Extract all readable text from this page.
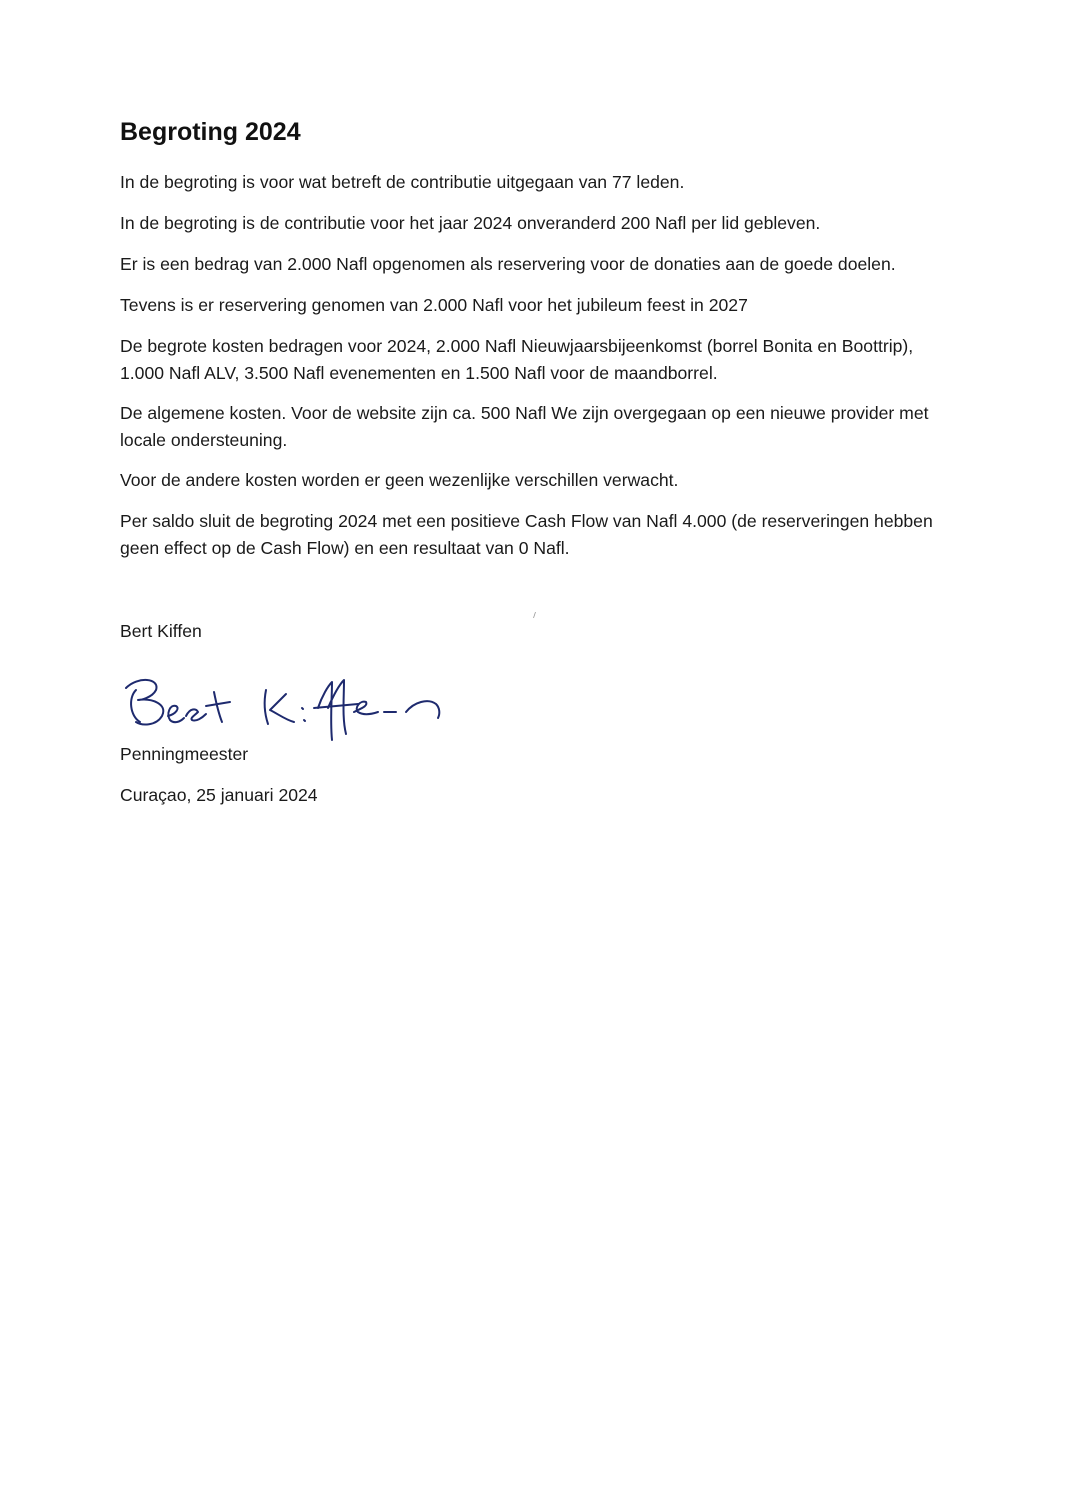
Begroting 2024

In de begroting is voor wat betreft de contributie uitgegaan van 77 leden.

In de begroting is de contributie voor het jaar 2024 onveranderd 200 Nafl per lid gebleven.

Er is een bedrag van 2.000 Nafl opgenomen als reservering voor de donaties aan de goede doelen.

Tevens is er reservering genomen van 2.000 Nafl voor het jubileum feest in 2027

De begrote kosten bedragen voor 2024, 2.000 Nafl Nieuwjaarsbijeenkomst (borrel Bonita en Boottrip), 1.000 Nafl ALV, 3.500 Nafl evenementen en 1.500 Nafl voor de maandborrel.

De algemene kosten. Voor de website zijn ca. 500 Nafl We zijn overgegaan op een nieuwe provider met locale ondersteuning.

Voor de andere kosten worden er geen wezenlijke verschillen verwacht.

Per saldo sluit de begroting 2024 met een positieve Cash Flow van Nafl 4.000 (de reserveringen hebben geen effect op de Cash Flow) en een resultaat van 0 Nafl.

Bert Kiffen

Penningmeester

Curaçao, 25 januari 2024
